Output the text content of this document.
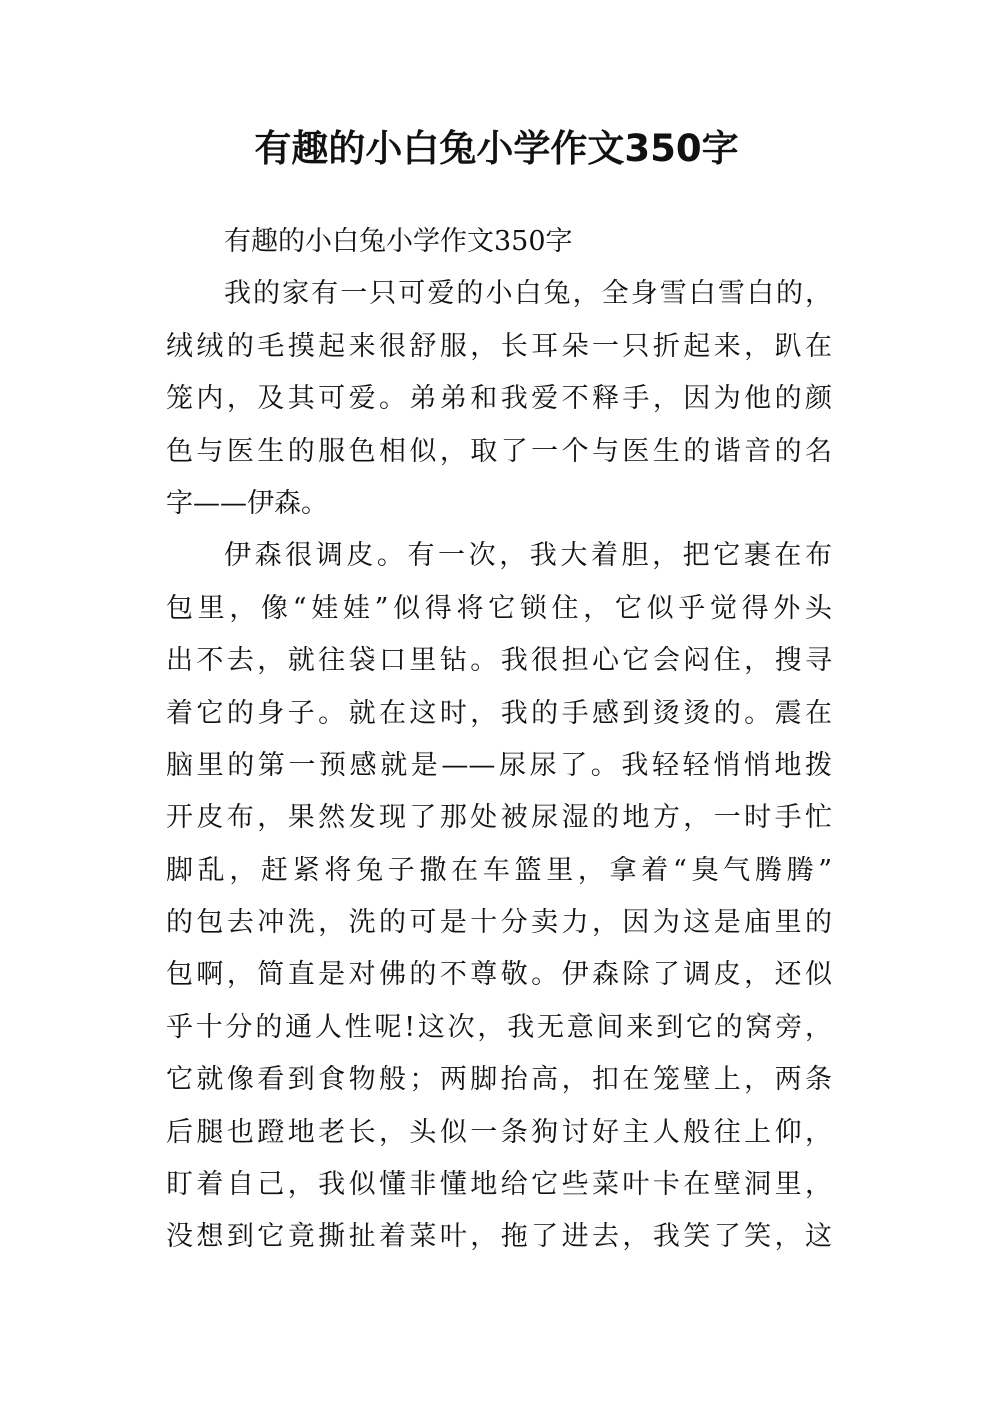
有趣的小白兔小学作文350字
有趣的小白兔小学作文350字
我的家有一只可爱的小白兔，全身雪白雪白的，
绒绒的毛摸起来很舒服，长耳朵一只折起来，趴在
笼内，及其可爱。弟弟和我爱不释手，因为他的颜
色与医生的服色相似，取了一个与医生的谐音的名
字——伊森。
伊森很调皮。有一次，我大着胆，把它裹在布
包里，像“娃娃”似得将它锁住，它似乎觉得外头
出不去，就往袋口里钻。我很担心它会闷住，搜寻
着它的身子。就在这时，我的手感到烫烫的。震在
脑里的第一预感就是——尿尿了。我轻轻悄悄地拨
开皮布，果然发现了那处被尿湿的地方，一时手忙
脚乱，赶紧将兔子撒在车篮里，拿着“臭气腾腾”
的包去冲洗，洗的可是十分卖力，因为这是庙里的
包啊，简直是对佛的不尊敬。伊森除了调皮，还似
乎十分的通人性呢!这次，我无意间来到它的窝旁，
它就像看到食物般；两脚抬高，扣在笼壁上，两条
后腿也蹬地老长，头似一条狗讨好主人般往上仰，
盯着自己，我似懂非懂地给它些菜叶卡在壁洞里，
没想到它竟撕扯着菜叶，拖了进去，我笑了笑，这
